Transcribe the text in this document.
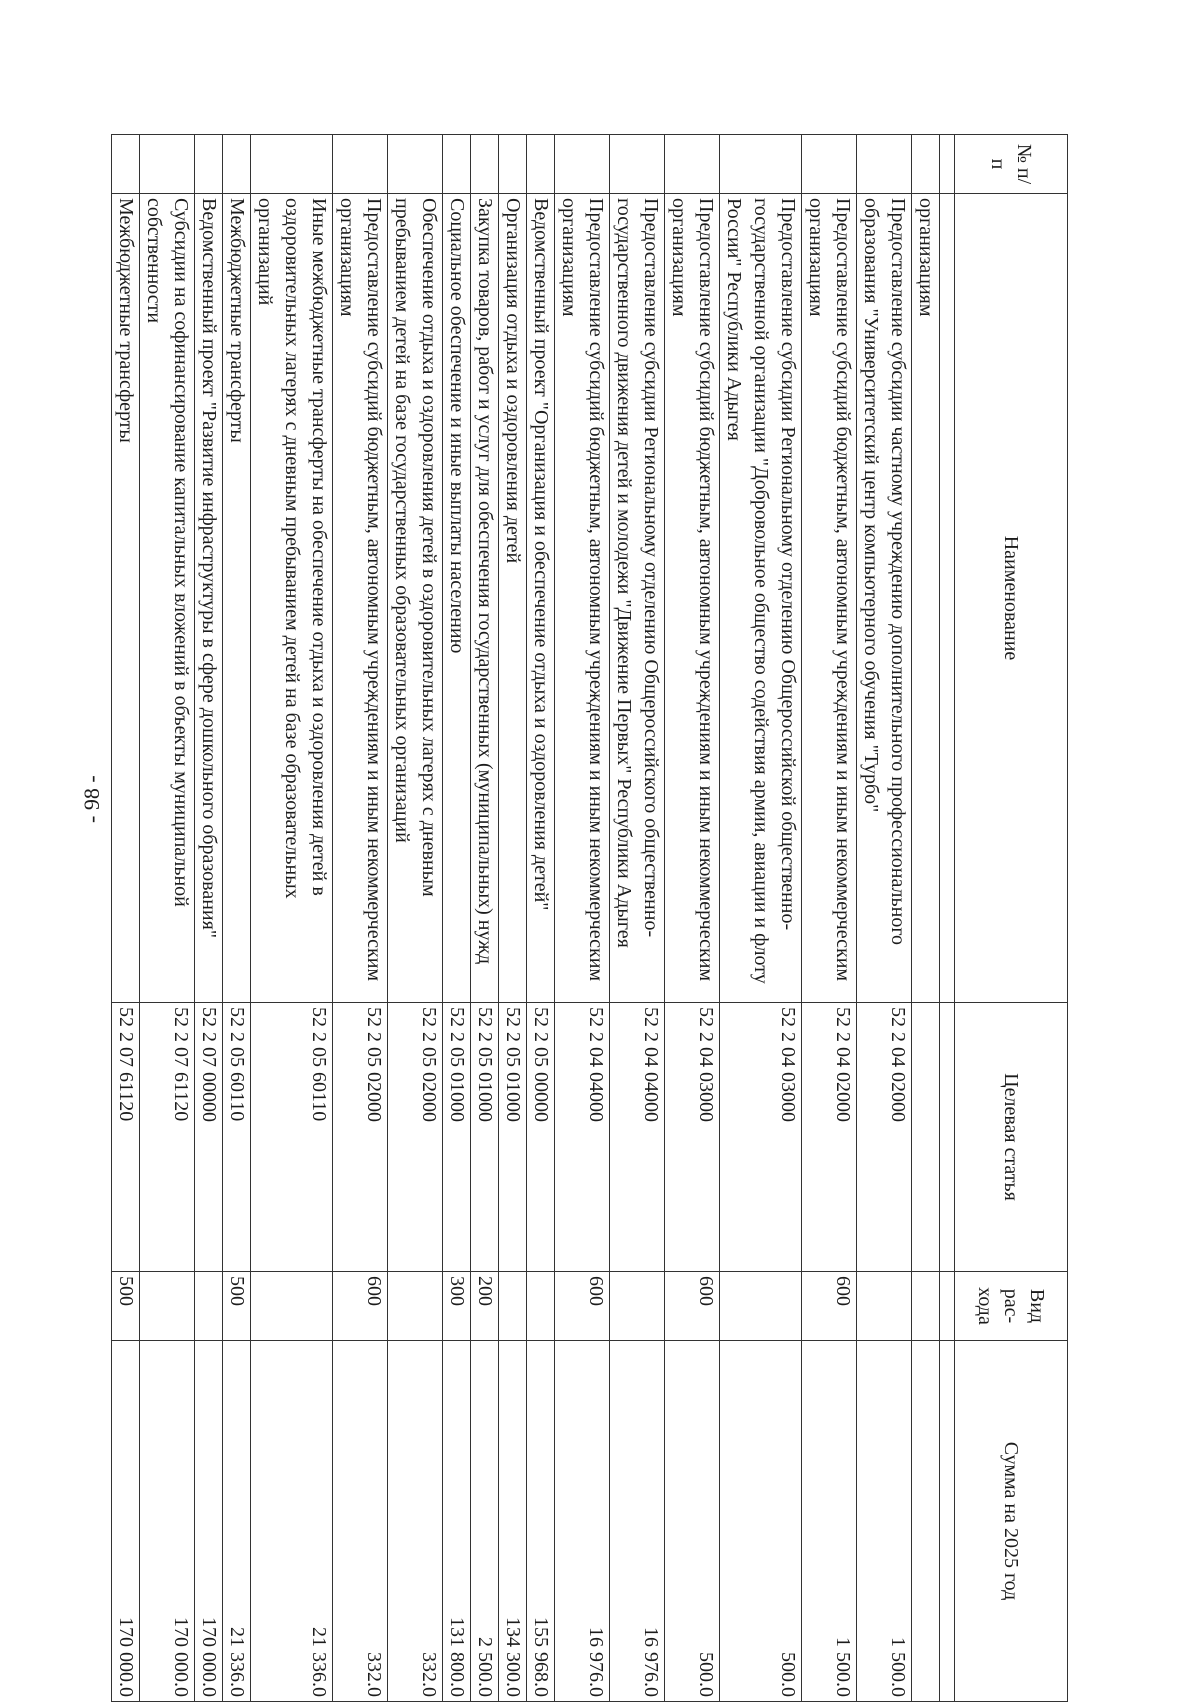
- 98 -
№ п/п	Наименование	Целевая статья	Вид рас-хода	Сумма на 2025 год

	организациям			
	Предоставление субсидии частному учреждению дополнительного профессионального образования "Университетский центр компьютерного обучения "Турбо"	52 2 04 02000		1 500.0
	Предоставление субсидий бюджетным, автономным учреждениям и иным некоммерческим организациям	52 2 04 02000	600	1 500.0
	Предоставление субсидии Региональному отделению Общероссийской общественно-государственной организации "Добровольное общество содействия армии, авиации и флоту России" Республики Адыгея	52 2 04 03000		500.0
	Предоставление субсидий бюджетным, автономным учреждениям и иным некоммерческим организациям	52 2 04 03000	600	500.0
	Предоставление субсидии Региональному отделению Общероссийского общественно-государственного движения детей и молодежи "Движение Первых" Республики Адыгея	52 2 04 04000		16 976.0
	Предоставление субсидий бюджетным, автономным учреждениям и иным некоммерческим организациям	52 2 04 04000	600	16 976.0
	Ведомственный проект "Организация и обеспечение отдыха и оздоровления детей"	52 2 05 00000		155 968.0
	Организация отдыха и оздоровления детей	52 2 05 01000		134 300.0
	Закупка товаров, работ и услуг для обеспечения государственных (муниципальных) нужд	52 2 05 01000	200	2 500.0
	Социальное обеспечение и иные выплаты населению	52 2 05 01000	300	131 800.0
	Обеспечение отдыха и оздоровления детей в оздоровительных лагерях с дневным пребыванием детей на базе государственных образовательных организаций	52 2 05 02000		332.0
	Предоставление субсидий бюджетным, автономным учреждениям и иным некоммерческим организациям	52 2 05 02000	600	332.0
	Иные межбюджетные трансферты на обеспечение отдыха и оздоровления детей в оздоровительных лагерях с дневным пребыванием детей на базе образовательных организаций	52 2 05 60110		21 336.0
	Межбюджетные трансферты	52 2 05 60110	500	21 336.0
	Ведомственный проект "Развитие инфраструктуры в сфере дошкольного образования"	52 2 07 00000		170 000.0
	Субсидии на софинансирование капитальных вложений в объекты муниципальной собственности	52 2 07 61120		170 000.0
	Межбюджетные трансферты	52 2 07 61120	500	170 000.0
